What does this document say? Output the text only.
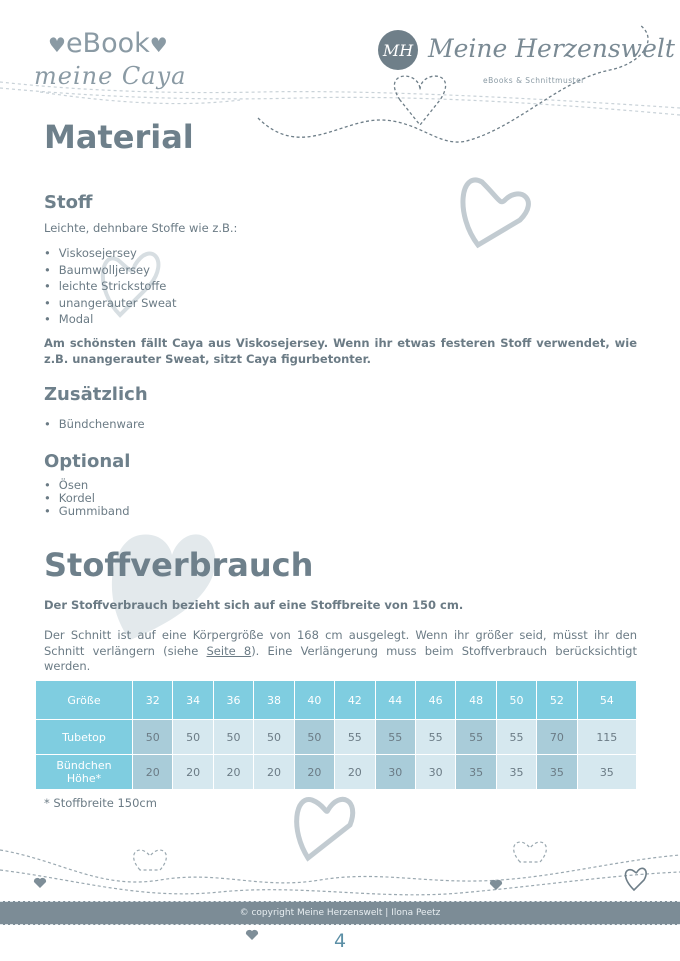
♥eBook♥
meine Caya
MH Meine Herzenswelt
eBooks & Schnittmuster
Material
Stoff
Leichte, dehnbare Stoffe wie z.B.:
• Viskosejersey
• Baumwolljersey
• leichte Strickstoffe
• unangerauter Sweat
• Modal
Am schönsten fällt Caya aus Viskosejersey. Wenn ihr etwas festeren Stoff verwendet, wie z.B. unangerauter Sweat, sitzt Caya figurbetonter.
Zusätzlich
• Bündchenware
Optional
• Ösen
• Kordel
• Gummiband
Stoffverbrauch
Der Stoffverbrauch bezieht sich auf eine Stoffbreite von 150 cm.
Der Schnitt ist auf eine Körpergröße von 168 cm ausgelegt. Wenn ihr größer seid, müsst ihr den Schnitt verlängern (siehe Seite 8). Eine Verlängerung muss beim Stoffverbrauch berücksichtigt werden.
Größe	32	34	36	38	40	42	44	46	48	50	52	54
Tubetop	50	50	50	50	50	55	55	55	55	55	70	115
Bündchen
Höhe*	20	20	20	20	20	20	30	30	35	35	35	35
* Stoffbreite 150cm
© copyright Meine Herzenswelt | Ilona Peetz
4
